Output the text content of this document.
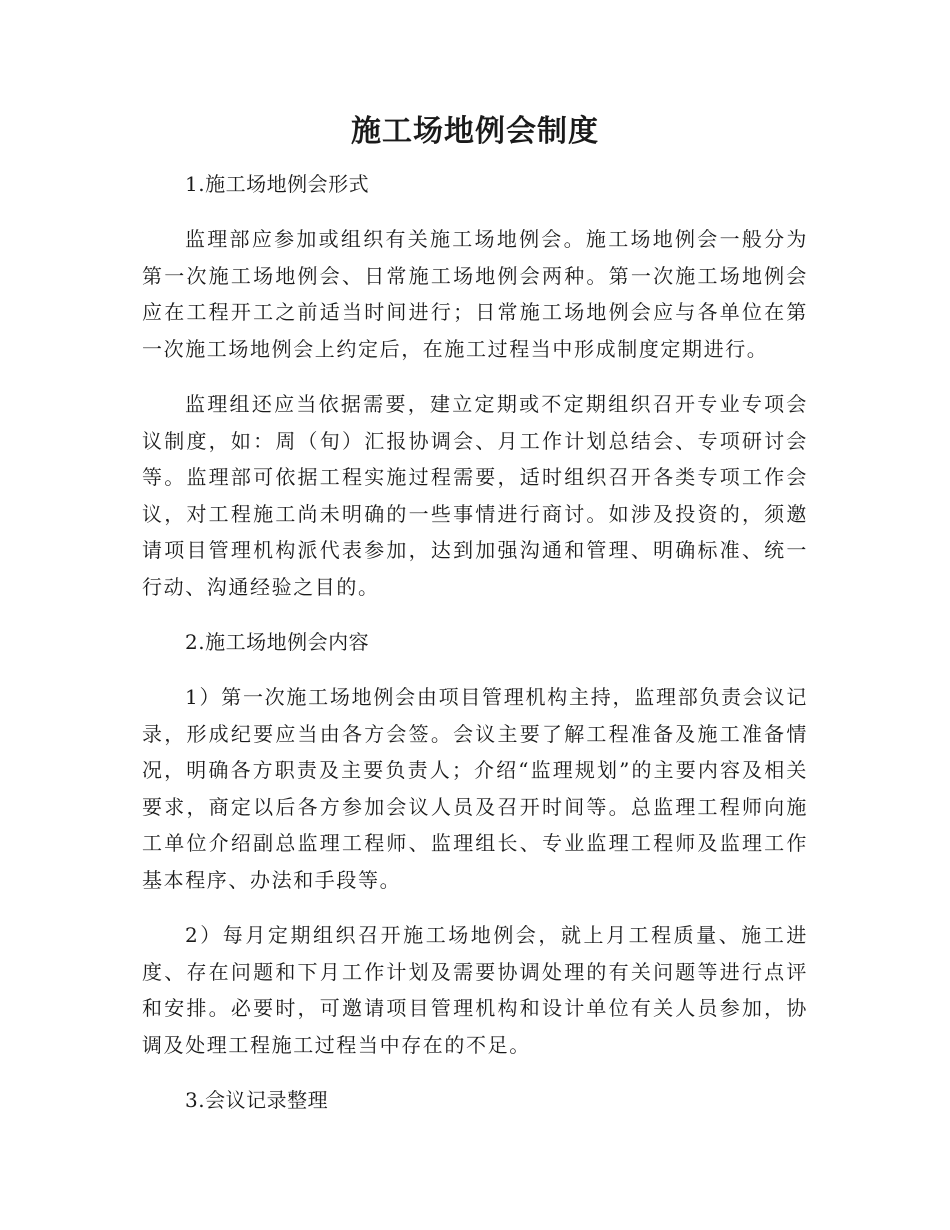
施工场地例会制度

1.施工场地例会形式

监理部应参加或组织有关施工场地例会。施工场地例会一般分为第一次施工场地例会、日常施工场地例会两种。第一次施工场地例会应在工程开工之前适当时间进行；日常施工场地例会应与各单位在第一次施工场地例会上约定后，在施工过程当中形成制度定期进行。

监理组还应当依据需要，建立定期或不定期组织召开专业专项会议制度，如：周（旬）汇报协调会、月工作计划总结会、专项研讨会等。监理部可依据工程实施过程需要，适时组织召开各类专项工作会议，对工程施工尚未明确的一些事情进行商讨。如涉及投资的，须邀请项目管理机构派代表参加，达到加强沟通和管理、明确标准、统一行动、沟通经验之目的。

2.施工场地例会内容

1）第一次施工场地例会由项目管理机构主持，监理部负责会议记录，形成纪要应当由各方会签。会议主要了解工程准备及施工准备情况，明确各方职责及主要负责人；介绍“监理规划”的主要内容及相关要求，商定以后各方参加会议人员及召开时间等。总监理工程师向施工单位介绍副总监理工程师、监理组长、专业监理工程师及监理工作基本程序、办法和手段等。

2）每月定期组织召开施工场地例会，就上月工程质量、施工进度、存在问题和下月工作计划及需要协调处理的有关问题等进行点评和安排。必要时，可邀请项目管理机构和设计单位有关人员参加，协调及处理工程施工过程当中存在的不足。

3.会议记录整理
